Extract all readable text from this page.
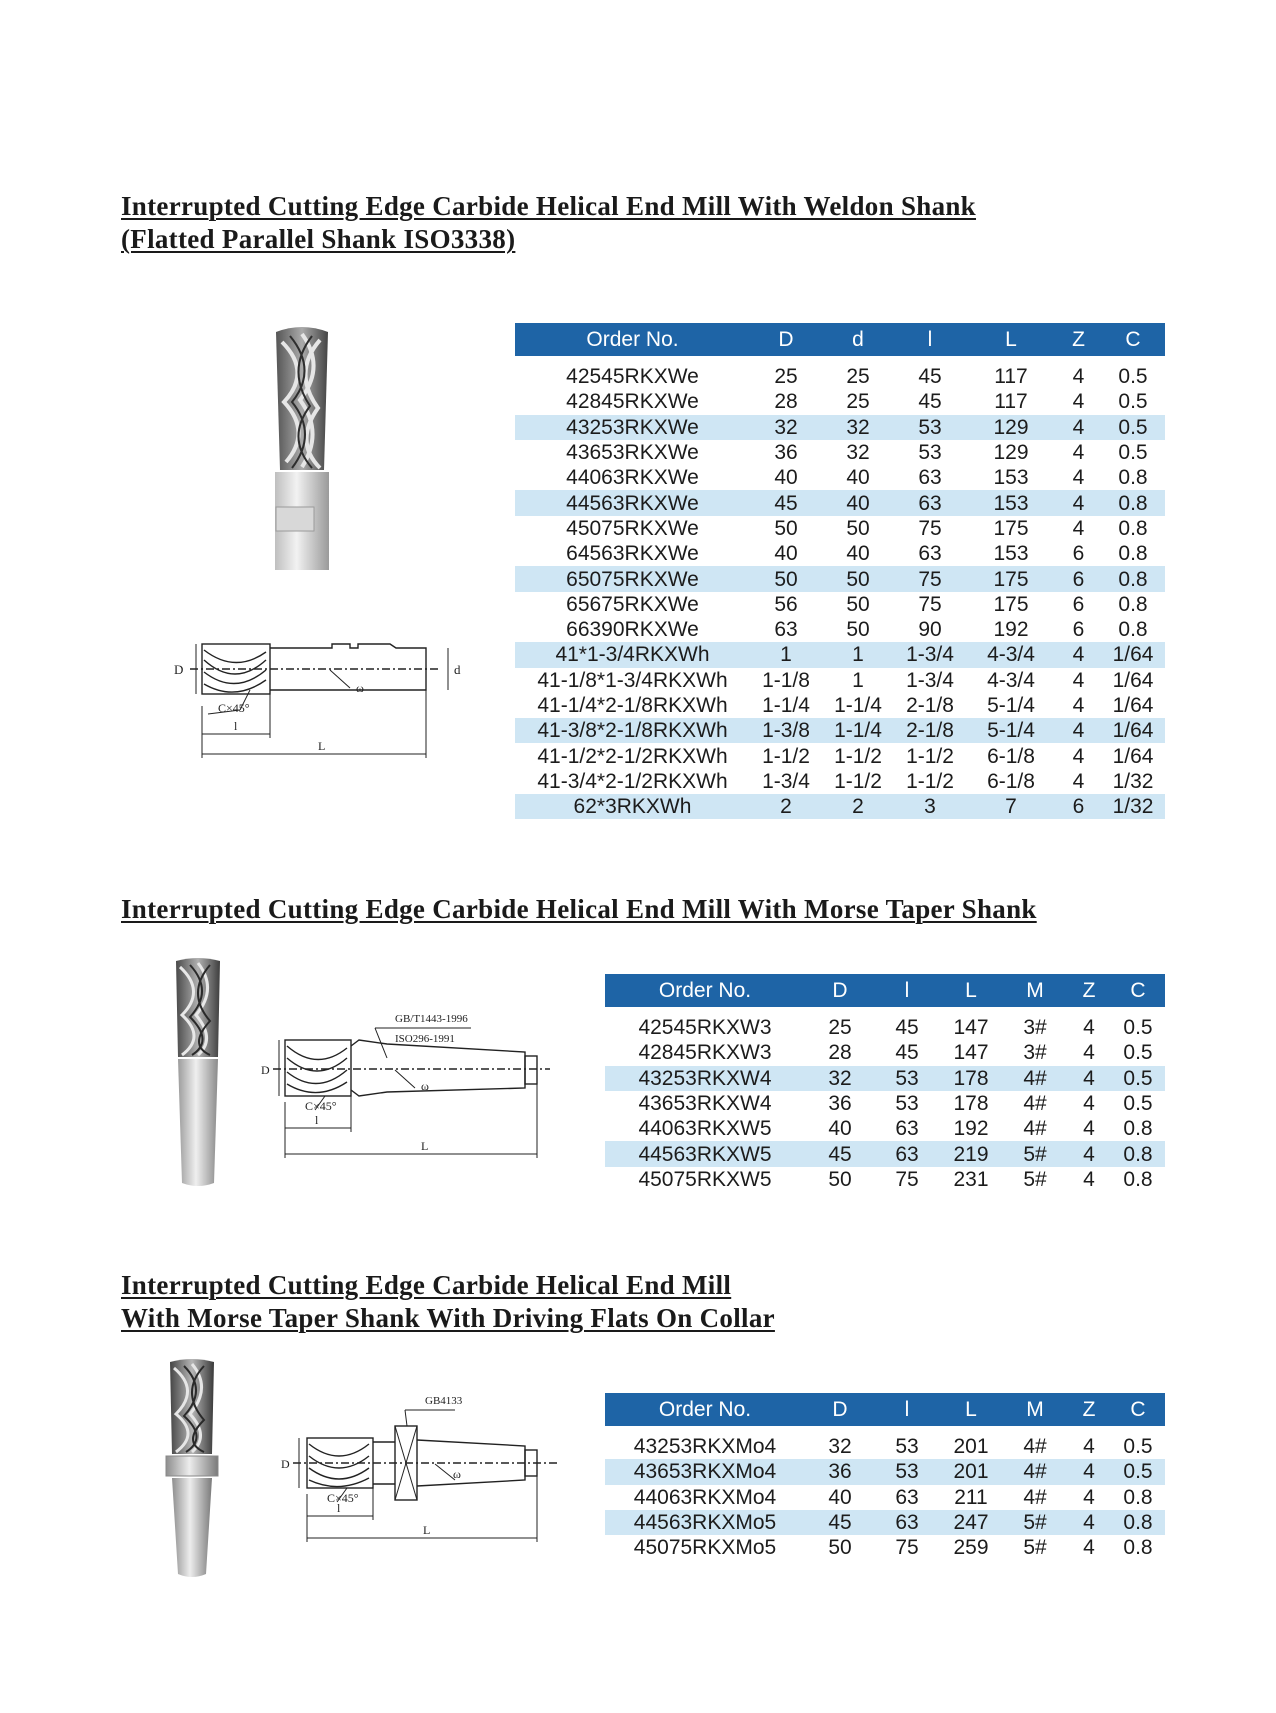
Interrupted Cutting Edge Carbide Helical End Mill With Weldon Shank
(Flatted Parallel Shank ISO3338)
D	d
C×45°
l
L
ω
Order No.	D	d	l	L	Z	C

42545RKXWe	25	25	45	117	4	0.5
42845RKXWe	28	25	45	117	4	0.5
43253RKXWe	32	32	53	129	4	0.5
43653RKXWe	36	32	53	129	4	0.5
44063RKXWe	40	40	63	153	4	0.8
44563RKXWe	45	40	63	153	4	0.8
45075RKXWe	50	50	75	175	4	0.8
64563RKXWe	40	40	63	153	6	0.8
65075RKXWe	50	50	75	175	6	0.8
65675RKXWe	56	50	75	175	6	0.8
66390RKXWe	63	50	90	192	6	0.8
41*1-3/4RKXWh	1	1	1-3/4	4-3/4	4	1/64
41-1/8*1-3/4RKXWh	1-1/8	1	1-3/4	4-3/4	4	1/64
41-1/4*2-1/8RKXWh	1-1/4	1-1/4	2-1/8	5-1/4	4	1/64
41-3/8*2-1/8RKXWh	1-3/8	1-1/4	2-1/8	5-1/4	4	1/64
41-1/2*2-1/2RKXWh	1-1/2	1-1/2	1-1/2	6-1/8	4	1/64
41-3/4*2-1/2RKXWh	1-3/4	1-1/2	1-1/2	6-1/8	4	1/32
62*3RKXWh	2	2	3	7	6	1/32
Interrupted Cutting Edge Carbide Helical End Mill With Morse Taper Shank
GB/T1443-1996
ISO296-1991
D
C×45°
l
L
ω
Order No.	D	l	L	M	Z	C

42545RKXW3	25	45	147	3#	4	0.5
42845RKXW3	28	45	147	3#	4	0.5
43253RKXW4	32	53	178	4#	4	0.5
43653RKXW4	36	53	178	4#	4	0.5
44063RKXW5	40	63	192	4#	4	0.8
44563RKXW5	45	63	219	5#	4	0.8
45075RKXW5	50	75	231	5#	4	0.8
Interrupted Cutting Edge Carbide Helical End Mill
With Morse Taper Shank With Driving Flats On Collar
GB4133
D
C×45°
l
L
ω
Order No.	D	l	L	M	Z	C

43253RKXMo4	32	53	201	4#	4	0.5
43653RKXMo4	36	53	201	4#	4	0.5
44063RKXMo4	40	63	211	4#	4	0.8
44563RKXMo5	45	63	247	5#	4	0.8
45075RKXMo5	50	75	259	5#	4	0.8
